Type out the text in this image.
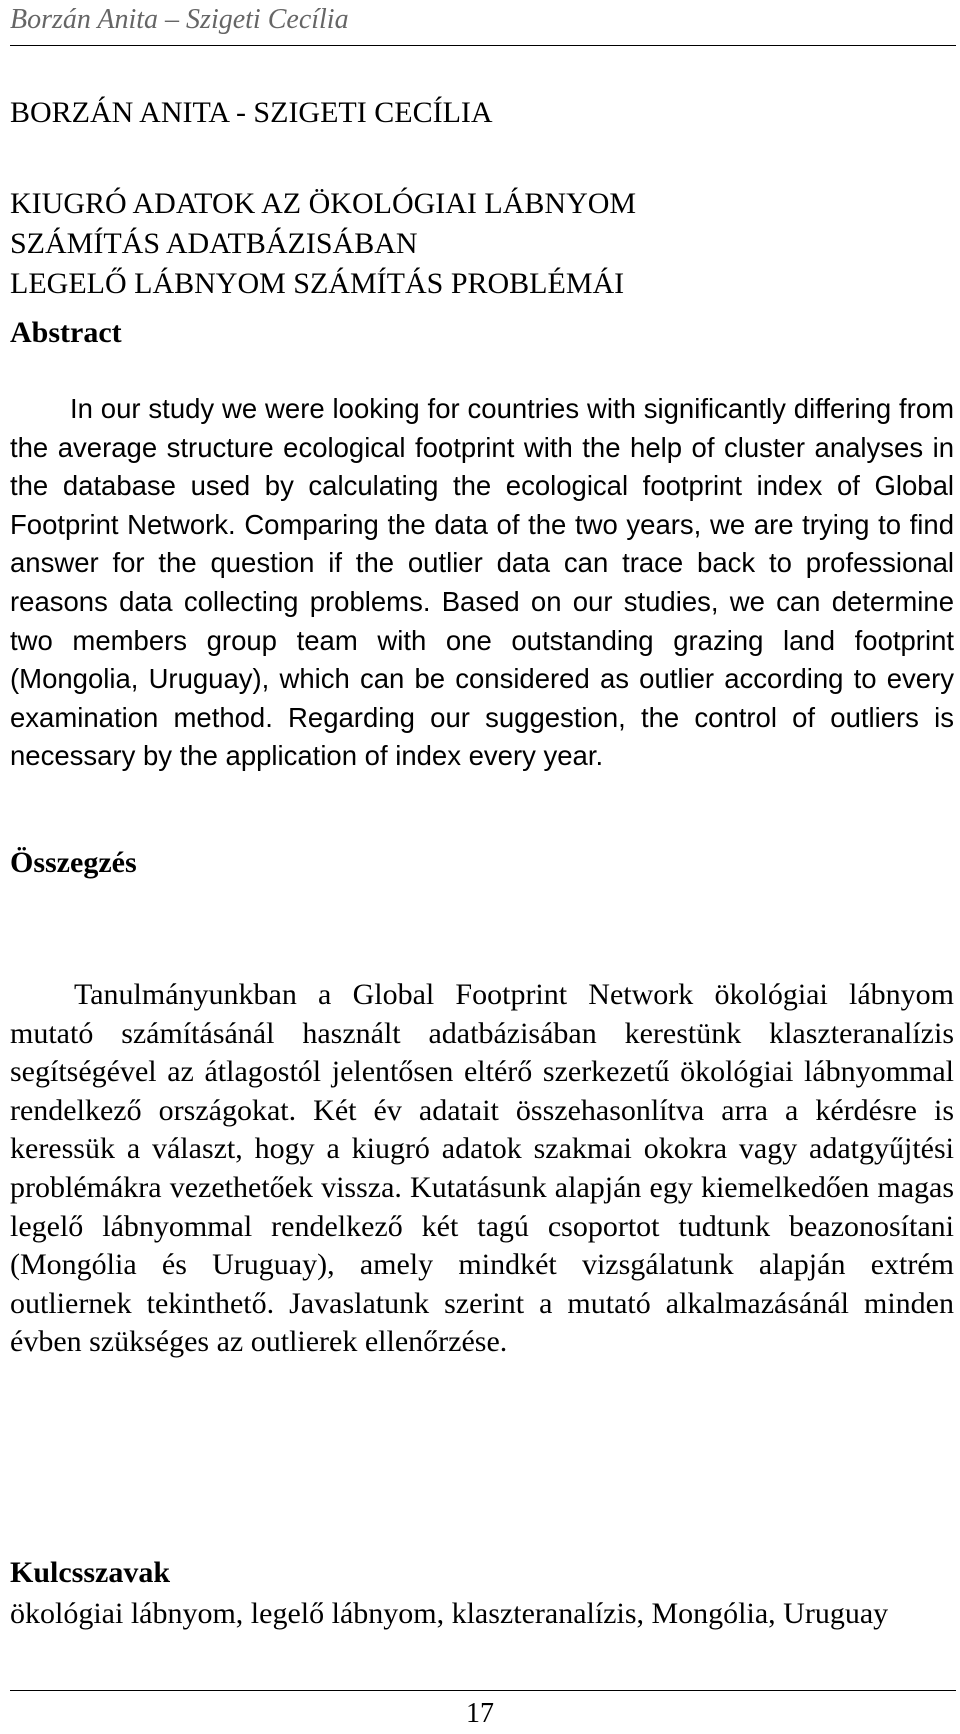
Borzán Anita – Szigeti Cecília
BORZÁN ANITA - SZIGETI CECÍLIA
KIUGRÓ ADATOK AZ ÖKOLÓGIAI LÁBNYOM
SZÁMÍTÁS ADATBÁZISÁBAN
LEGELŐ LÁBNYOM SZÁMÍTÁS PROBLÉMÁI
Abstract

In our study we were looking for countries with significantly differing from the average structure ecological footprint with the help of cluster analyses in the database used by calculating the ecological footprint index of Global Footprint Network. Comparing the data of the two years, we are trying to find answer for the question if the outlier data can trace back to professional reasons data collecting problems. Based on our studies, we can determine two members group team with one outstanding grazing land footprint (Mongolia, Uruguay), which can be considered as outlier according to every examination method. Regarding our suggestion, the control of outliers is necessary by the application of index every year.

Összegzés

Tanulmányunkban a Global Footprint Network ökológiai lábnyom mutató számításánál használt adatbázisában kerestünk klaszteranalízis segítségével az átlagostól jelentősen eltérő szerkezetű ökológiai lábnyommal rendelkező országokat. Két év adatait összehasonlítva arra a kérdésre is keressük a választ, hogy a kiugró adatok szakmai okokra vagy adatgyűjtési problémákra vezethetőek vissza. Kutatásunk alapján egy kiemelkedően magas legelő lábnyommal rendelkező két tagú csoportot tudtunk beazonosítani (Mongólia és Uruguay), amely mindkét vizsgálatunk alapján extrém outliernek tekinthető. Javaslatunk szerint a mutató alkalmazásánál minden évben szükséges az outlierek ellenőrzése.

Kulcsszavak

ökológiai lábnyom, legelő lábnyom, klaszteranalízis, Mongólia, Uruguay

17
